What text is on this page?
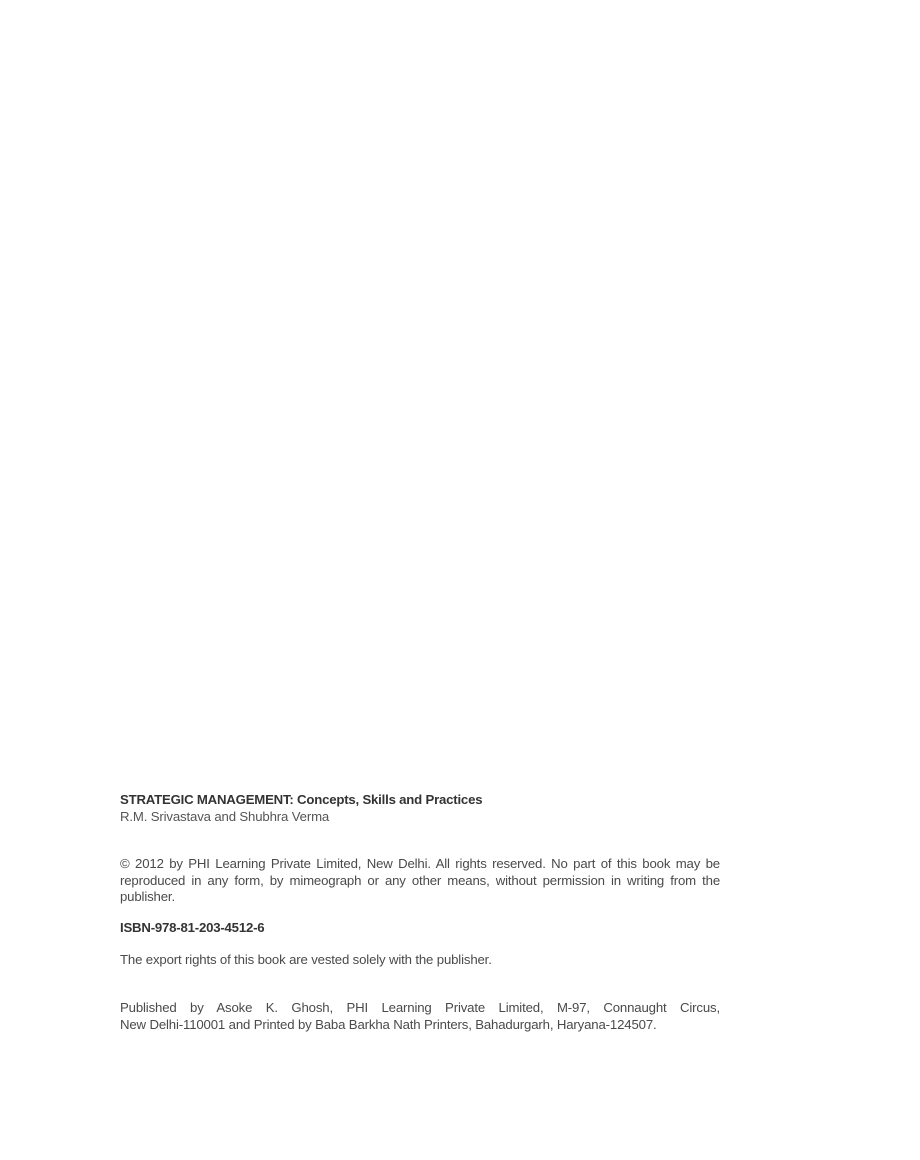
STRATEGIC MANAGEMENT: Concepts, Skills and Practices
R.M. Srivastava and Shubhra Verma
© 2012 by PHI Learning Private Limited, New Delhi. All rights reserved. No part of this book may be reproduced in any form, by mimeograph or any other means, without permission in writing from the publisher.
ISBN-978-81-203-4512-6
The export rights of this book are vested solely with the publisher.
Published by Asoke K. Ghosh, PHI Learning Private Limited, M-97, Connaught Circus,
New Delhi-110001 and Printed by Baba Barkha Nath Printers, Bahadurgarh, Haryana-124507.
